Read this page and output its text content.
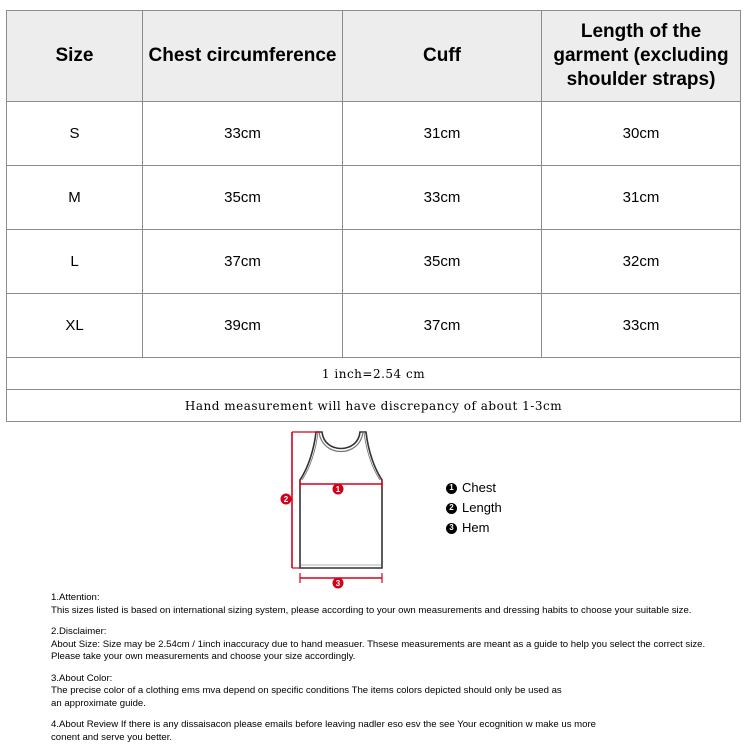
Size	Chest circumference	Cuff	Length of the garment (excluding shoulder straps)
S	33cm	31cm	30cm
M	35cm	33cm	31cm
L	37cm	35cm	32cm
XL	39cm	37cm	33cm
1 inch=2.54 cm			
Hand measurement will have discrepancy of about 1-3cm			
1
2
3
1 Chest
2 Length
3 Hem

1.Attention:
This sizes listed is based on international sizing system, please according to your own measurements and dressing habits to choose your suitable size.

2.Disclaimer:
About Size: Size may be 2.54cm / 1inch inaccuracy due to hand measuer. Thsese measurements are meant as a guide to help you select the correct size.
Please take your own measurements and choose your size accordingly.

3.About Color:
The precise color of a clothing ems mva depend on specific conditions The items colors depicted should only be used as
an approximate guide.

4.About Review If there is any dissaisacon please emails before leaving nadler eso esv the see Your ecognition w make us more
conent and serve you better.
